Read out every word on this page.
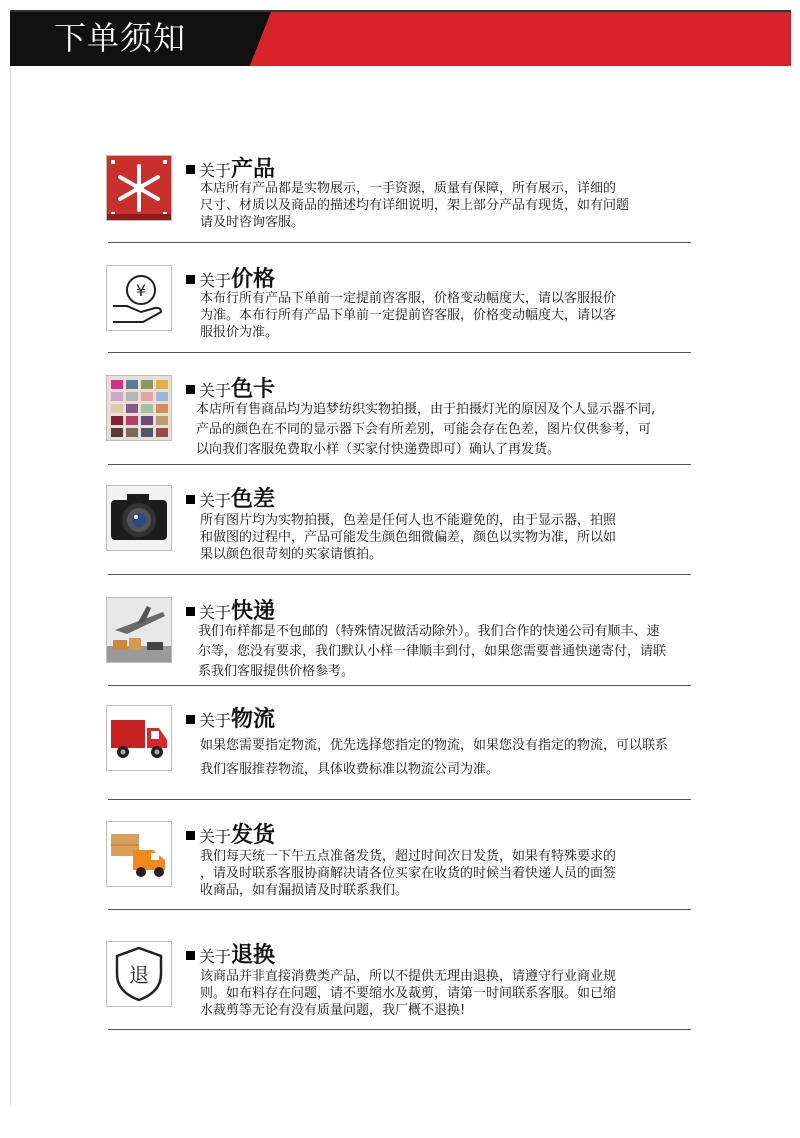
下单须知
关于产品
本店所有产品都是实物展示，一手资源，质量有保障，所有展示，详细的
尺寸、材质以及商品的描述均有详细说明，架上部分产品有现货，如有问题
请及时咨询客服。
¥
关于价格
本布行所有产品下单前一定提前咨客服，价格变动幅度大，请以客服报价
为准。本布行所有产品下单前一定提前咨客服，价格变动幅度大，请以客
服报价为准。
关于色卡
本店所有售商品均为追梦纺织实物拍摄，由于拍摄灯光的原因及个人显示器不同,
产品的颜色在不同的显示器下会有所差别，可能会存在色差，图片仅供参考，可
以向我们客服免费取小样（买家付快递费即可）确认了再发货。
关于色差
所有图片均为实物拍摄，色差是任何人也不能避免的，由于显示器，拍照
和做图的过程中，产品可能发生颜色细微偏差，颜色以实物为准，所以如
果以颜色很苛刻的买家请慎拍。
关于快递
我们布样都是不包邮的（特殊情况做活动除外）。我们合作的快递公司有顺丰、速
尔等，您没有要求，我们默认小样一律顺丰到付，如果您需要普通快递寄付，请联
系我们客服提供价格参考。
关于物流
如果您需要指定物流，优先选择您指定的物流，如果您没有指定的物流，可以联系
我们客服推荐物流，具体收费标准以物流公司为准。
关于发货
我们每天统一下午五点准备发货，超过时间次日发货，如果有特殊要求的
，请及时联系客服协商解决请各位买家在收货的时候当着快递人员的面签
收商品，如有漏损请及时联系我们。
退
关于退换
该商品并非直接消费类产品，所以不提供无理由退换，请遵守行业商业规
则。如布料存在问题，请不要缩水及裁剪，请第一时间联系客服。如已缩
水裁剪等无论有没有质量问题，我厂概不退换!
